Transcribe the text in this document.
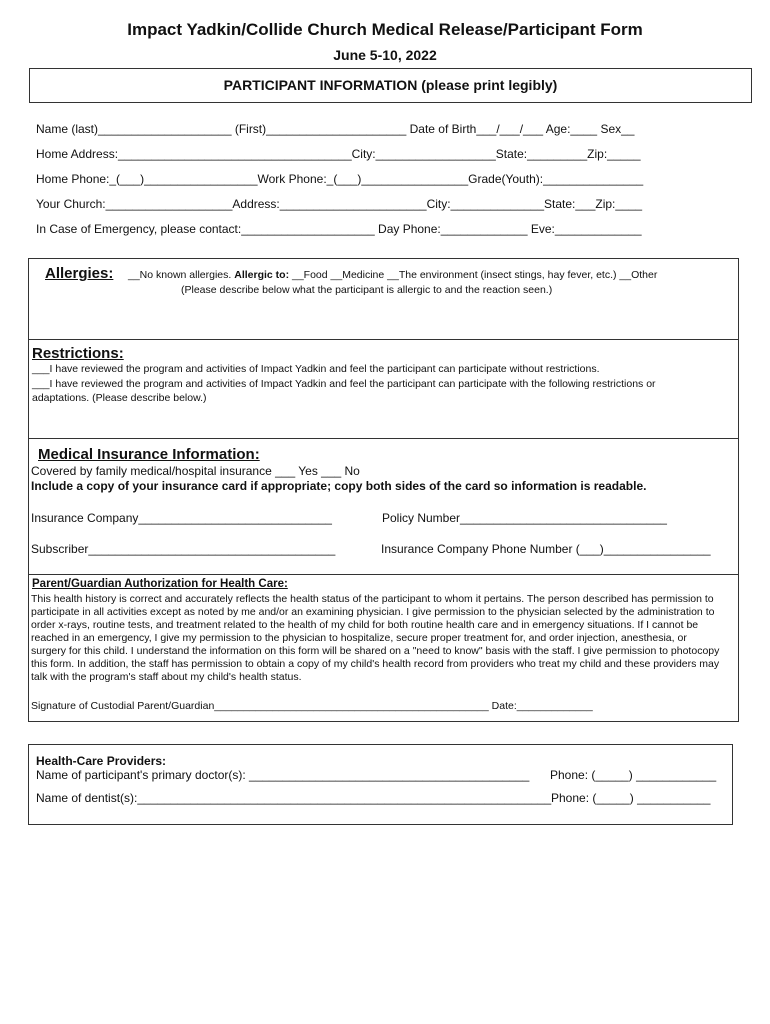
Impact Yadkin/Collide Church Medical Release/Participant Form
June 5-10, 2022
PARTICIPANT INFORMATION (please print legibly)
Name (last)____________________ (First)_____________________ Date of Birth___/___/___ Age:____ Sex__
Home Address:___________________________________City:__________________State:_________Zip:_____
Home Phone:_(___)_________________Work Phone:_(___)________________Grade(Youth):_______________
Your Church:___________________Address:______________________City:______________State:___Zip:____
In Case of Emergency, please contact:____________________ Day Phone:_____________ Eve:_____________
Allergies: __No known allergies. Allergic to: __Food __Medicine __The environment (insect stings, hay fever, etc.) __Other
(Please describe below what the participant is allergic to and the reaction seen.)
Restrictions:
___I have reviewed the program and activities of Impact Yadkin and feel the participant can participate without restrictions.
___I have reviewed the program and activities of Impact Yadkin and feel the participant can participate with the following restrictions or
adaptations. (Please describe below.)
Medical Insurance Information:
Covered by family medical/hospital insurance ___ Yes ___ No
Include a copy of your insurance card if appropriate; copy both sides of the card so information is readable.
Insurance Company_____________________________	Policy Number_______________________________
Subscriber_____________________________________	Insurance Company Phone Number (___)________________
Parent/Guardian Authorization for Health Care:
This health history is correct and accurately reflects the health status of the participant to whom it pertains. The person described has permission to participate in all activities except as noted by me and/or an examining physician. I give permission to the physician selected by the administration to order x-rays, routine tests, and treatment related to the health of my child for both routine health care and in emergency situations. If I cannot be reached in an emergency, I give my permission to the physician to hospitalize, secure proper treatment for, and order injection, anesthesia, or surgery for this child. I understand the information on this form will be shared on a "need to know" basis with the staff. I give permission to photocopy this form. In addition, the staff has permission to obtain a copy of my child's health record from providers who treat my child and these providers may talk with the program's staff about my child's health status.
Signature of Custodial Parent/Guardian_______________________________________________ Date:_____________
Health-Care Providers:
Name of participant's primary doctor(s): __________________________________________ Phone: (_____) ____________
Name of dentist(s):______________________________________________________________ Phone: (_____) ___________
